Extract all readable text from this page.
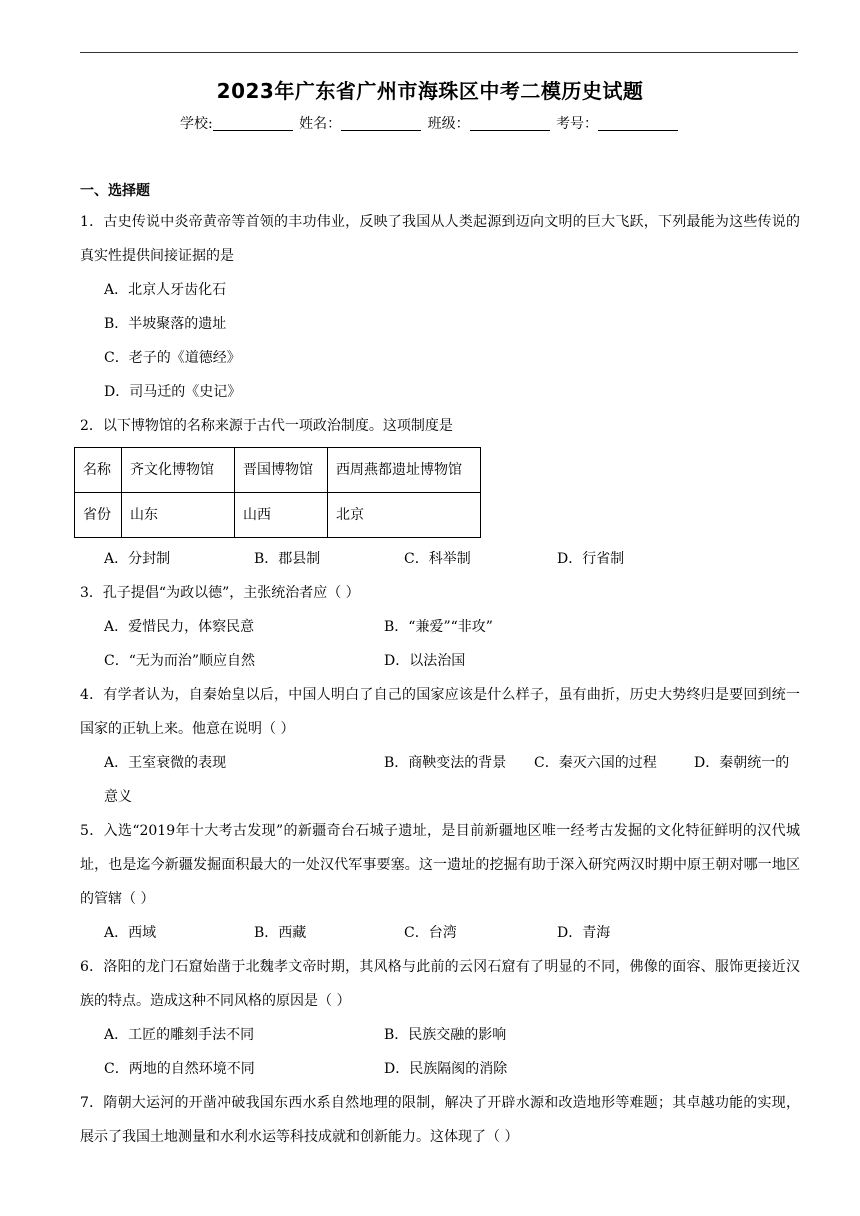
2023年广东省广州市海珠区中考二模历史试题
学校:	姓名：	班级：	考号：
一、选择题

1．古史传说中炎帝黄帝等首领的丰功伟业，反映了我国从人类起源到迈向文明的巨大飞跃，下列最能为这些传说的真实性提供间接证据的是

A．北京人牙齿化石

B．半坡聚落的遗址

C．老子的《道德经》

D．司马迁的《史记》

2．以下博物馆的名称来源于古代一项政治制度。这项制度是

名称	齐文化博物馆	晋国博物馆	西周燕都遗址博物馆
省份	山东	山西	北京
A．分封制	B．郡县制	C．科举制	D．行省制

3．孔子提倡“为政以德”，主张统治者应（ ）

A．爱惜民力，体察民意	B．“兼爱”“非攻”
C．“无为而治”顺应自然	D．以法治国

4．有学者认为，自秦始皇以后，中国人明白了自己的国家应该是什么样子，虽有曲折，历史大势终归是要回到统一国家的正轨上来。他意在说明（ ）

A．王室衰微的表现	B．商鞅变法的背景	C．秦灭六国的过程	D．秦朝统一的

意义

5．入选“2019年十大考古发现”的新疆奇台石城子遗址，是目前新疆地区唯一经考古发掘的文化特征鲜明的汉代城址，也是迄今新疆发掘面积最大的一处汉代军事要塞。这一遗址的挖掘有助于深入研究两汉时期中原王朝对哪一地区的管辖（ ）

A．西域	B．西藏	C．台湾	D．青海

6．洛阳的龙门石窟始凿于北魏孝文帝时期，其风格与此前的云冈石窟有了明显的不同，佛像的面容、服饰更接近汉族的特点。造成这种不同风格的原因是（ ）

A．工匠的雕刻手法不同	B．民族交融的影响
C．两地的自然环境不同	D．民族隔阂的消除

7．隋朝大运河的开凿冲破我国东西水系自然地理的限制，解决了开辟水源和改造地形等难题；其卓越功能的实现，展示了我国土地测量和水利水运等科技成就和创新能力。这体现了（ ）
